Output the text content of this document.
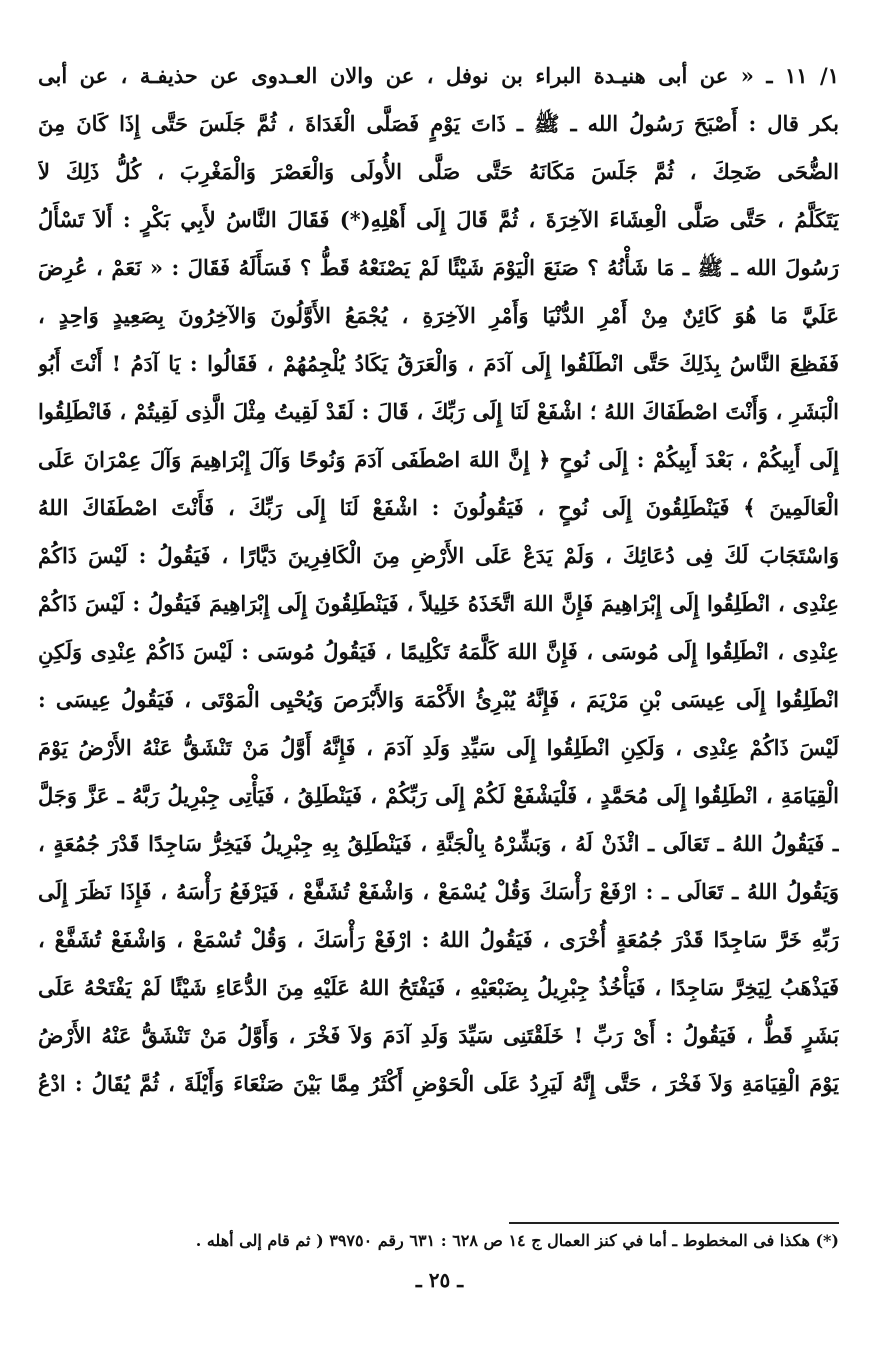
١/ ١١ ـ « عن أبى هنيـدة البراء بن نوفل ، عن والان العـدوى عن حذيفـة ، عن أبى
بكر قال : أَصْبَحَ رَسُولُ الله ـ ﷺ ـ ذَاتَ يَوْمٍ فَصَلَّى الْغَدَاةَ ، ثُمَّ جَلَسَ حَتَّى إِذَا كَانَ مِنَ
الضُّحَى ضَحِكَ ، ثُمَّ جَلَسَ مَكَانَهُ حَتَّى صَلَّى الأُولَى وَالْعَصْرَ وَالْمَغْرِبَ ، كُلُّ ذَلِكَ لاَ
يَتَكَلَّمُ ، حَتَّى صَلَّى الْعِشَاءَ الآخِرَةَ ، ثُمَّ قَالَ إِلَى أَهْلِهِ(*) فَقَالَ النَّاسُ لأَبِي بَكْرٍ : أَلاَ تَسْأَلُ
رَسُولَ الله ـ ﷺ ـ مَا شَأْنُهُ ؟ صَنَعَ الْيَوْمَ شَيْئًا لَمْ يَصْنَعْهُ قَطُّ ؟ فَسَأَلَهُ فَقَالَ : « نَعَمْ ، عُرِضَ
عَلَيَّ مَا هُوَ كَائِنٌ مِنْ أَمْرِ الدُّنْيَا وَأَمْرِ الآخِرَةِ ، يُجْمَعُ الأَوَّلُونَ وَالآخِرُونَ بِصَعِيدٍ وَاحِدٍ ،
فَفَظِعَ النَّاسُ بِذَلِكَ حَتَّى انْطَلَقُوا إِلَى آدَمَ ، وَالْعَرَقُ يَكَادُ يُلْجِمُهُمْ ، فَقَالُوا : يَا آدَمُ ! أَنْتَ أَبُو
الْبَشَرِ ، وَأَنْتَ اصْطَفَاكَ اللهُ ؛ اشْفَعْ لَنَا إِلَى رَبِّكَ ، قَالَ : لَقَدْ لَقِيتُ مِثْلَ الَّذِى لَقِيتُمْ ، فَانْطَلِقُوا
إِلَى أَبِيكُمْ ، بَعْدَ أَبِيكُمْ : إِلَى نُوحٍ ﴿ إِنَّ اللهَ اصْطَفَى آدَمَ وَنُوحًا وَآلَ إِبْرَاهِيمَ وَآلَ عِمْرَانَ عَلَى
الْعَالَمِينَ ﴾ فَيَنْطَلِقُونَ إِلَى نُوحٍ ، فَيَقُولُونَ : اشْفَعْ لَنَا إِلَى رَبِّكَ ، فَأَنْتَ اصْطَفَاكَ اللهُ
وَاسْتَجَابَ لَكَ فِى دُعَائِكَ ، وَلَمْ يَدَعْ عَلَى الأَرْضِ مِنَ الْكَافِرِينَ دَيَّارًا ، فَيَقُولُ : لَيْسَ ذَاكُمْ
عِنْدِى ، انْطَلِقُوا إِلَى إِبْرَاهِيمَ فَإِنَّ اللهَ اتَّخَذَهُ خَلِيلاً ، فَيَنْطَلِقُونَ إِلَى إِبْرَاهِيمَ فَيَقُولُ : لَيْسَ ذَاكُمْ
عِنْدِى ، انْطَلِقُوا إِلَى مُوسَى ، فَإِنَّ اللهَ كَلَّمَهُ تَكْلِيمًا ، فَيَقُولُ مُوسَى : لَيْسَ ذَاكُمْ عِنْدِى وَلَكِنِ
انْطَلِقُوا إِلَى عِيسَى بْنِ مَرْيَمَ ، فَإِنَّهُ يُبْرِئُ الأَكْمَهَ وَالأَبْرَصَ وَيُحْيِى الْمَوْتَى ، فَيَقُولُ عِيسَى :
لَيْسَ ذَاكُمْ عِنْدِى ، وَلَكِنِ انْطَلِقُوا إِلَى سَيِّدِ وَلَدِ آدَمَ ، فَإِنَّهُ أَوَّلُ مَنْ تَنْشَقُّ عَنْهُ الأَرْضُ يَوْمَ
الْقِيَامَةِ ، انْطَلِقُوا إِلَى مُحَمَّدٍ ، فَلْيَشْفَعْ لَكُمْ إِلَى رَبِّكُمْ ، فَيَنْطَلِقُ ، فَيَأْتِى جِبْرِيلُ رَبَّهُ ـ عَزَّ وَجَلَّ
ـ فَيَقُولُ اللهُ ـ تَعَالَى ـ ائْذَنْ لَهُ ، وَبَشِّرْهُ بِالْجَنَّةِ ، فَيَنْطَلِقُ بِهِ جِبْرِيلُ فَيَخِرُّ سَاجِدًا قَدْرَ جُمُعَةٍ ،
وَيَقُولُ اللهُ ـ تَعَالَى ـ : ارْفَعْ رَأْسَكَ وَقُلْ يُسْمَعْ ، وَاشْفَعْ تُشَفَّعْ ، فَيَرْفَعُ رَأْسَهُ ، فَإِذَا نَظَرَ إِلَى
رَبِّهِ خَرَّ سَاجِدًا قَدْرَ جُمُعَةٍ أُخْرَى ، فَيَقُولُ اللهُ : ارْفَعْ رَأْسَكَ ، وَقُلْ تُسْمَعْ ، وَاشْفَعْ تُشَفَّعْ ،
فَيَذْهَبُ لِيَخِرَّ سَاجِدًا ، فَيَأْخُذُ جِبْرِيلُ بِضَبْعَيْهِ ، فَيَفْتَحُ اللهُ عَلَيْهِ مِنَ الدُّعَاءِ شَيْئًا لَمْ يَفْتَحْهُ عَلَى
بَشَرٍ قَطُّ ، فَيَقُولُ : أَىْ رَبِّ ! خَلَقْتَنِى سَيِّدَ وَلَدِ آدَمَ وَلاَ فَخْرَ ، وَأَوَّلُ مَنْ تَنْشَقُّ عَنْهُ الأَرْضُ
يَوْمَ الْقِيَامَةِ وَلاَ فَخْرَ ، حَتَّى إِنَّهُ لَيَرِدُ عَلَى الْحَوْضِ أَكْثَرُ مِمَّا بَيْنَ صَنْعَاءَ وَأَيْلَةَ ، ثُمَّ يُقَالُ : ادْعُ
(*) هكذا فى المخطوط ـ أما في كنز العمال ج ١٤ ص ٦٢٨ : ٦٣١ رقم ٣٩٧٥٠ ( ثم قام إلى أهله .
ـ ٢٥ ـ
